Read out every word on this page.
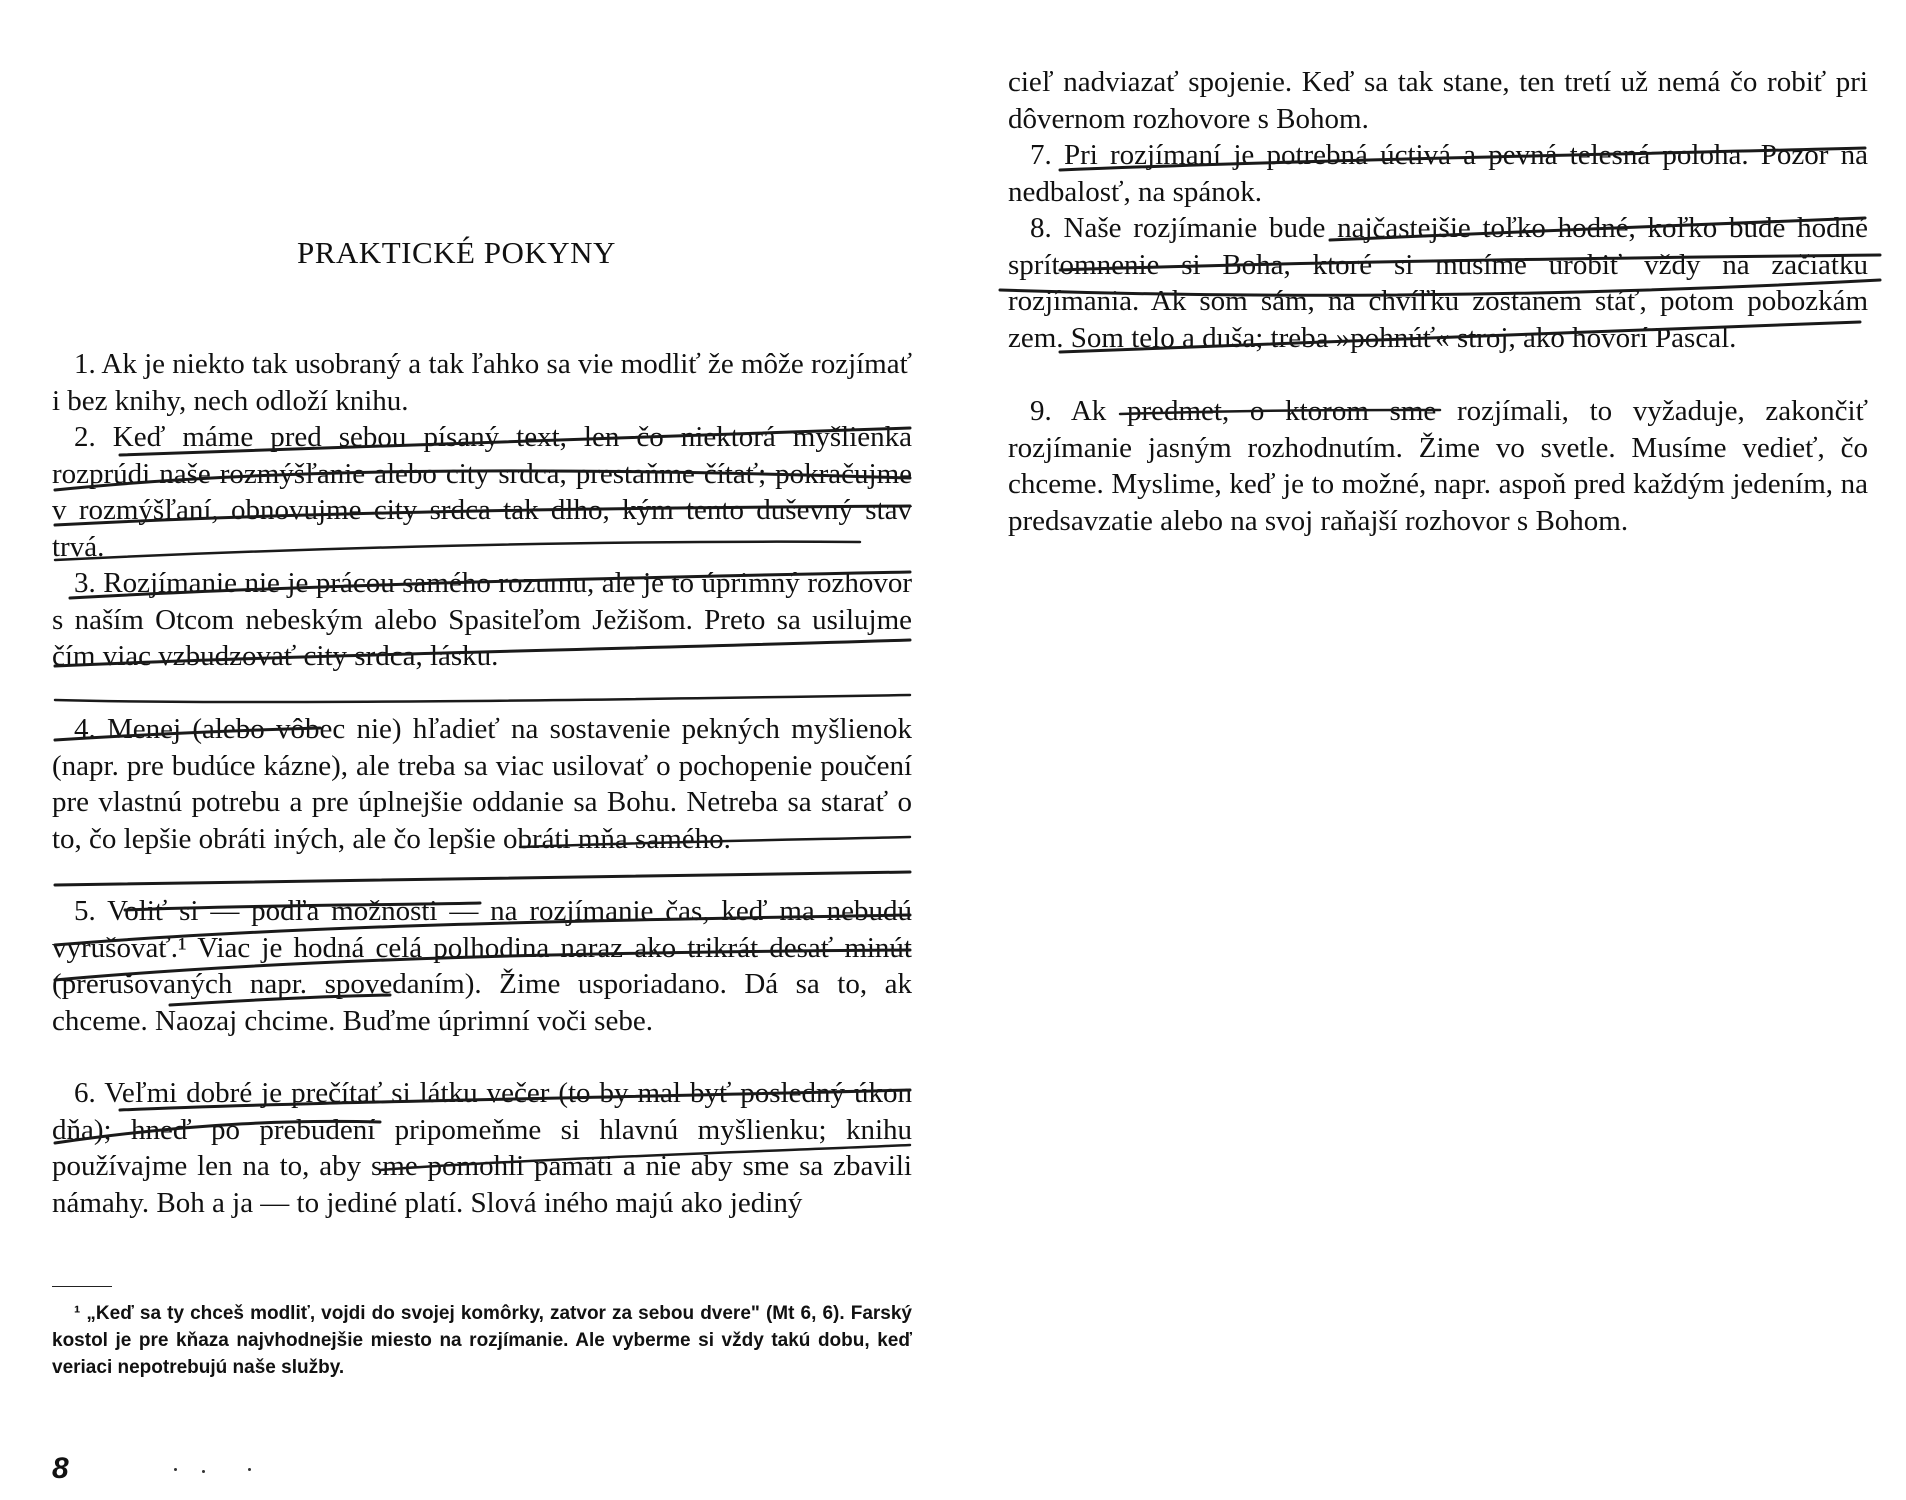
PRAKTICKÉ POKYNY
1. Ak je niekto tak usobraný a tak ľahko sa vie modliť že môže rozjímať i bez knihy, nech odloží knihu.
2. Keď máme pred sebou písaný text, len čo niektorá myšlienka rozprúdi naše rozmýšľanie alebo city srdca, prestaňme čítať; pokračujme v rozmýšľaní, obnovujme city srdca tak dlho, kým tento duševný stav trvá.
3. Rozjímanie nie je prácou samého rozumu, ale je to úprimný rozhovor s naším Otcom nebeským alebo Spasiteľom Ježišom. Preto sa usilujme čím viac vzbudzovať city srdca, lásku.
4. Menej (alebo vôbec nie) hľadieť na sostavenie pekných myšlienok (napr. pre budúce kázne), ale treba sa viac usilovať o pochopenie poučení pre vlastnú potrebu a pre úplnejšie oddanie sa Bohu. Netreba sa starať o to, čo lepšie obráti iných, ale čo lepšie obráti mňa samého.
5. Voliť si — podľa možnosti — na rozjímanie čas, keď ma nebudú vyrušovať.¹ Viac je hodná celá polhodina naraz ako trikrát desať minút (prerušovaných napr. spovedaním). Žime usporiadano. Dá sa to, ak chceme. Naozaj chcime. Buďme úprimní voči sebe.
6. Veľmi dobré je prečítať si látku večer (to by mal byť posledný úkon dňa); hneď po prebudení pripomeňme si hlavnú myšlienku; knihu používajme len na to, aby sme pomohli pamäti a nie aby sme sa zbavili námahy. Boh a ja — to jediné platí. Slová iného majú ako jediný
¹ „Keď sa ty chceš modliť, vojdi do svojej komôrky, zatvor za sebou dvere" (Mt 6, 6). Farský kostol je pre kňaza najvhodnejšie miesto na rozjímanie. Ale vyberme si vždy takú dobu, keď veriaci nepotrebujú naše služby.
8
cieľ nadviazať spojenie. Keď sa tak stane, ten tretí už nemá čo robiť pri dôvernom rozhovore s Bohom.
7. Pri rozjímaní je potrebná úctivá a pevná telesná poloha. Pozor na nedbalosť, na spánok.
8. Naše rozjímanie bude najčastejšie toľko hodné, koľko bude hodné sprítomnenie si Boha, ktoré si musíme urobiť vždy na začiatku rozjímania. Ak som sám, na chvíľku zostanem stáť, potom pobozkám zem. Som telo a duša; treba »pohnúť« stroj, ako hovorí Pascal.
9. Ak predmet, o ktorom sme rozjímali, to vyžaduje, zakončiť rozjímanie jasným rozhodnutím. Žime vo svetle. Musíme vedieť, čo chceme. Myslime, keď je to možné, napr. aspoň pred každým jedením, na predsavzatie alebo na svoj raňajší rozhovor s Bohom.
